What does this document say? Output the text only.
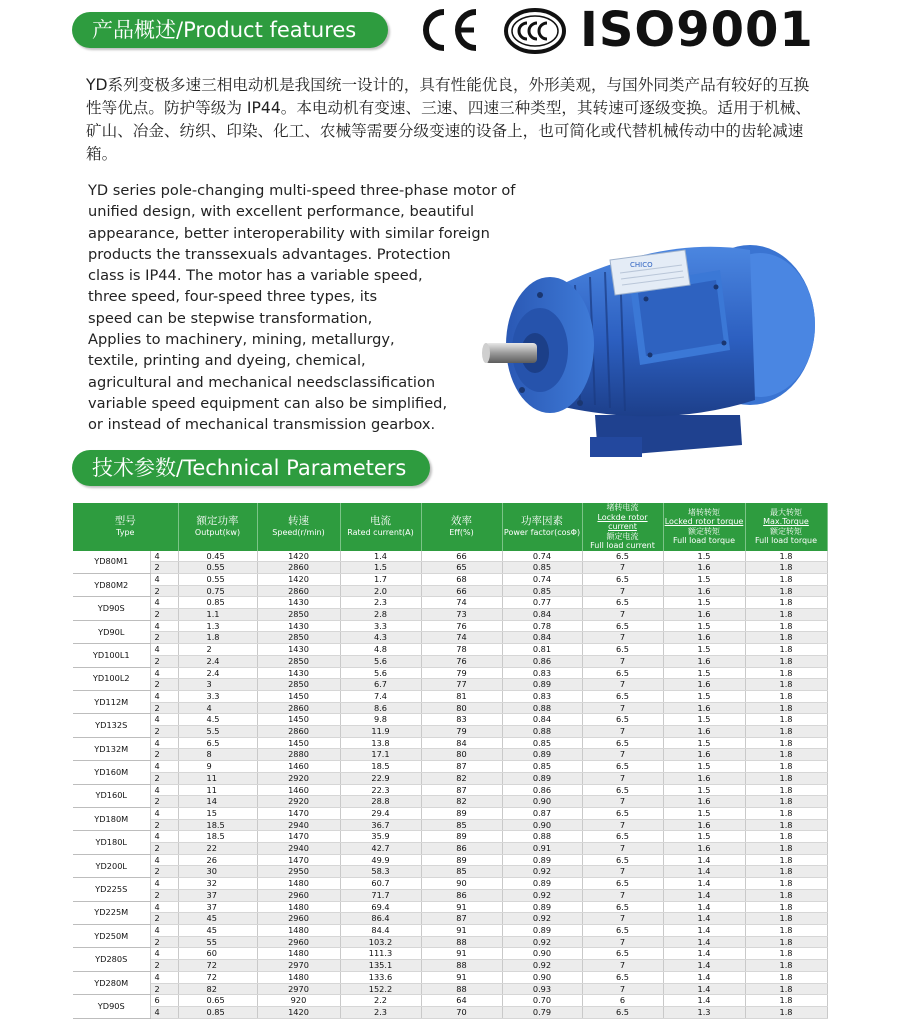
产品概述/Product features	ISO9001

YD系列变极多速三相电动机是我国统一设计的，具有性能优良，外形美观，与国外同类产品有较好的互换性等优点。防护等级为 IP44。本电动机有变速、三速、四速三种类型，其转速可逐级变换。适用于机械、矿山、冶金、纺织、印染、化工、农械等需要分级变速的设备上，也可简化或代替机械传动中的齿轮减速箱。

YD series pole-changing multi-speed three-phase motor of
unified design, with excellent performance, beautiful
appearance, better interoperability with similar foreign
products the transsexuals advantages. Protection
class is IP44. The motor has a variable speed,
three speed, four-speed three types, its
speed can be stepwise transformation,
Applies to machinery, mining, metallurgy,
textile, printing and dyeing, chemical,
agricultural and mechanical needsclassification
variable speed equipment can also be simplified,
or instead of mechanical transmission gearbox.
CHICO
技术参数/Technical Parameters
型号
Type		额定功率
Output(kw)	转速
Speed(r/min)	电流
Rated current(A)	效率
Eff(%)	功率因素
Power factor(cosΦ)	堵转电流
Lockde rotor current
额定电流
Full load current	堵转转矩
Locked rotor torque
额定转矩
Full load torque	最大转矩
Max.Torque
额定转矩
Full load torque

YD80M1	4	0.45	1420	1.4	66	0.74	6.5	1.5	1.8
	2	0.55	2860	1.5	65	0.85	7	1.6	1.8
YD80M2	4	0.55	1420	1.7	68	0.74	6.5	1.5	1.8
	2	0.75	2860	2.0	66	0.85	7	1.6	1.8
YD90S	4	0.85	1430	2.3	74	0.77	6.5	1.5	1.8
	2	1.1	2850	2.8	73	0.84	7	1.6	1.8
YD90L	4	1.3	1430	3.3	76	0.78	6.5	1.5	1.8
	2	1.8	2850	4.3	74	0.84	7	1.6	1.8
YD100L1	4	2	1430	4.8	78	0.81	6.5	1.5	1.8
	2	2.4	2850	5.6	76	0.86	7	1.6	1.8
YD100L2	4	2.4	1430	5.6	79	0.83	6.5	1.5	1.8
	2	3	2850	6.7	77	0.89	7	1.6	1.8
YD112M	4	3.3	1450	7.4	81	0.83	6.5	1.5	1.8
	2	4	2860	8.6	80	0.88	7	1.6	1.8
YD132S	4	4.5	1450	9.8	83	0.84	6.5	1.5	1.8
	2	5.5	2860	11.9	79	0.88	7	1.6	1.8
YD132M	4	6.5	1450	13.8	84	0.85	6.5	1.5	1.8
	2	8	2880	17.1	80	0.89	7	1.6	1.8
YD160M	4	9	1460	18.5	87	0.85	6.5	1.5	1.8
	2	11	2920	22.9	82	0.89	7	1.6	1.8
YD160L	4	11	1460	22.3	87	0.86	6.5	1.5	1.8
	2	14	2920	28.8	82	0.90	7	1.6	1.8
YD180M	4	15	1470	29.4	89	0.87	6.5	1.5	1.8
	2	18.5	2940	36.7	85	0.90	7	1.6	1.8
YD180L	4	18.5	1470	35.9	89	0.88	6.5	1.5	1.8
	2	22	2940	42.7	86	0.91	7	1.6	1.8
YD200L	4	26	1470	49.9	89	0.89	6.5	1.4	1.8
	2	30	2950	58.3	85	0.92	7	1.4	1.8
YD225S	4	32	1480	60.7	90	0.89	6.5	1.4	1.8
	2	37	2960	71.7	86	0.92	7	1.4	1.8
YD225M	4	37	1480	69.4	91	0.89	6.5	1.4	1.8
	2	45	2960	86.4	87	0.92	7	1.4	1.8
YD250M	4	45	1480	84.4	91	0.89	6.5	1.4	1.8
	2	55	2960	103.2	88	0.92	7	1.4	1.8
YD280S	4	60	1480	111.3	91	0.90	6.5	1.4	1.8
	2	72	2970	135.1	88	0.92	7	1.4	1.8
YD280M	4	72	1480	133.6	91	0.90	6.5	1.4	1.8
	2	82	2970	152.2	88	0.93	7	1.4	1.8
YD90S	6	0.65	920	2.2	64	0.70	6	1.4	1.8
	4	0.85	1420	2.3	70	0.79	6.5	1.3	1.8
